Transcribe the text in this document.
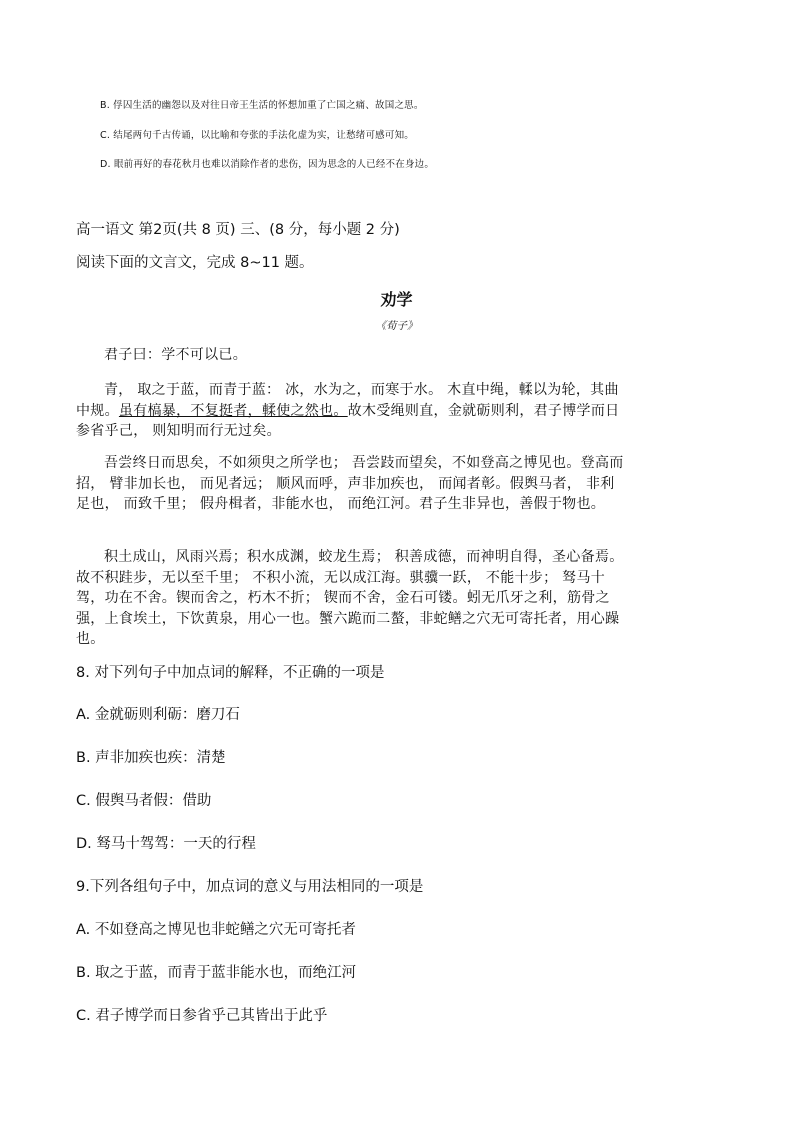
B. 俘囚生活的幽怨以及对往日帝王生活的怀想加重了亡国之痛、故国之思。
C. 结尾两句千古传诵，以比喻和夸张的手法化虚为实，让愁绪可感可知。
D. 眼前再好的春花秋月也难以消除作者的悲伤，因为思念的人已经不在身边。
高一语文 第2页(共 8 页) 三、(8 分，每小题 2 分)
阅读下面的文言文，完成 8~11 题。
劝学
《荀子》
君子曰：学不可以已。
青， 取之于蓝，而青于蓝： 冰，水为之，而寒于水。 木直中绳，輮以为轮，其曲中规。虽有槁暴，不复挺者，輮使之然也。故木受绳则直，金就砺则利，君子博学而日参省乎己， 则知明而行无过矣。
吾尝终日而思矣，不如须臾之所学也； 吾尝跂而望矣，不如登高之博见也。登高而招， 臂非加长也， 而见者远； 顺风而呼，声非加疾也， 而闻者彰。假舆马者， 非利足也， 而致千里； 假舟楫者，非能水也， 而绝江河。君子生非异也，善假于物也。
积土成山，风雨兴焉；积水成渊，蛟龙生焉； 积善成德，而神明自得，圣心备焉。故不积跬步，无以至千里； 不积小流，无以成江海。骐骥一跃， 不能十步； 驽马十驾，功在不舍。锲而舍之，朽木不折； 锲而不舍，金石可镂。蚓无爪牙之利，筋骨之强，上食埃土，下饮黄泉，用心一也。蟹六跪而二螯，非蛇鳝之穴无可寄托者，用心躁也。
8. 对下列句子中加点词的解释，不正确的一项是
A. 金就砺则利砺：磨刀石
B. 声非加疾也疾：清楚
C. 假舆马者假：借助
D. 驽马十驾驾：一天的行程
9.下列各组句子中，加点词的意义与用法相同的一项是
A. 不如登高之博见也非蛇鳝之穴无可寄托者
B. 取之于蓝，而青于蓝非能水也，而绝江河
C. 君子博学而日参省乎己其皆出于此乎
